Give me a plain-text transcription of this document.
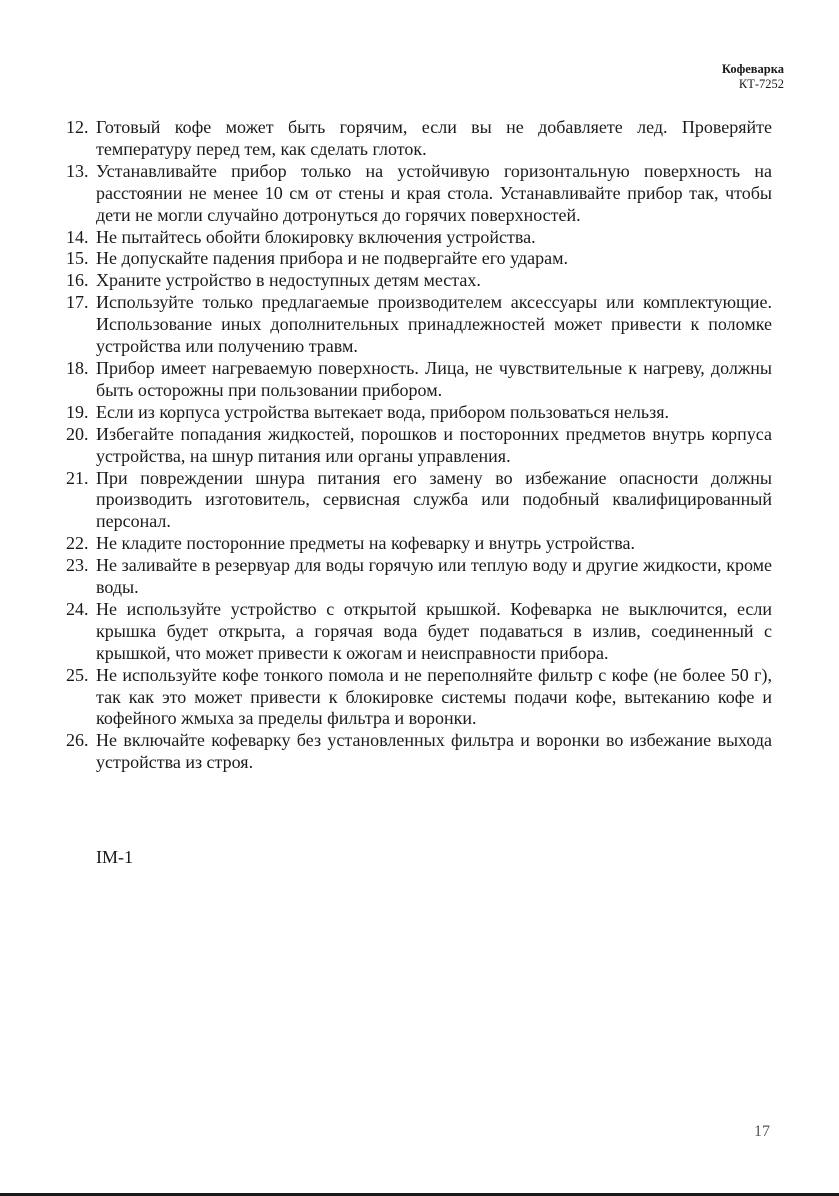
Кофеварка
КТ-7252
12. Готовый кофе может быть горячим, если вы не добавляете лед. Проверяйте температуру перед тем, как сделать глоток.
13. Устанавливайте прибор только на устойчивую горизонтальную поверхность на расстоянии не менее 10 см от стены и края стола. Устанавливайте прибор так, чтобы дети не могли случайно дотронуться до горячих поверхностей.
14. Не пытайтесь обойти блокировку включения устройства.
15. Не допускайте падения прибора и не подвергайте его ударам.
16. Храните устройство в недоступных детям местах.
17. Используйте только предлагаемые производителем аксессуары или комплектующие. Использование иных дополнительных принадлежностей может привести к поломке устройства или получению травм.
18. Прибор имеет нагреваемую поверхность. Лица, не чувствительные к нагреву, должны быть осторожны при пользовании прибором.
19. Если из корпуса устройства вытекает вода, прибором пользоваться нельзя.
20. Избегайте попадания жидкостей, порошков и посторонних предметов внутрь корпуса устройства, на шнур питания или органы управления.
21. При повреждении шнура питания его замену во избежание опасности должны производить изготовитель, сервисная служба или подобный квалифицированный персонал.
22. Не кладите посторонние предметы на кофеварку и внутрь устройства.
23. Не заливайте в резервуар для воды горячую или теплую воду и другие жидкости, кроме воды.
24. Не используйте устройство с открытой крышкой. Кофеварка не выключится, если крышка будет открыта, а горячая вода будет подаваться в излив, соединенный с крышкой, что может привести к ожогам и неисправности прибора.
25. Не используйте кофе тонкого помола и не переполняйте фильтр с кофе (не более 50 г), так как это может привести к блокировке системы подачи кофе, вытеканию кофе и кофейного жмыха за пределы фильтра и воронки.
26. Не включайте кофеварку без установленных фильтра и воронки во избежание выхода устройства из строя.
IM-1
17
